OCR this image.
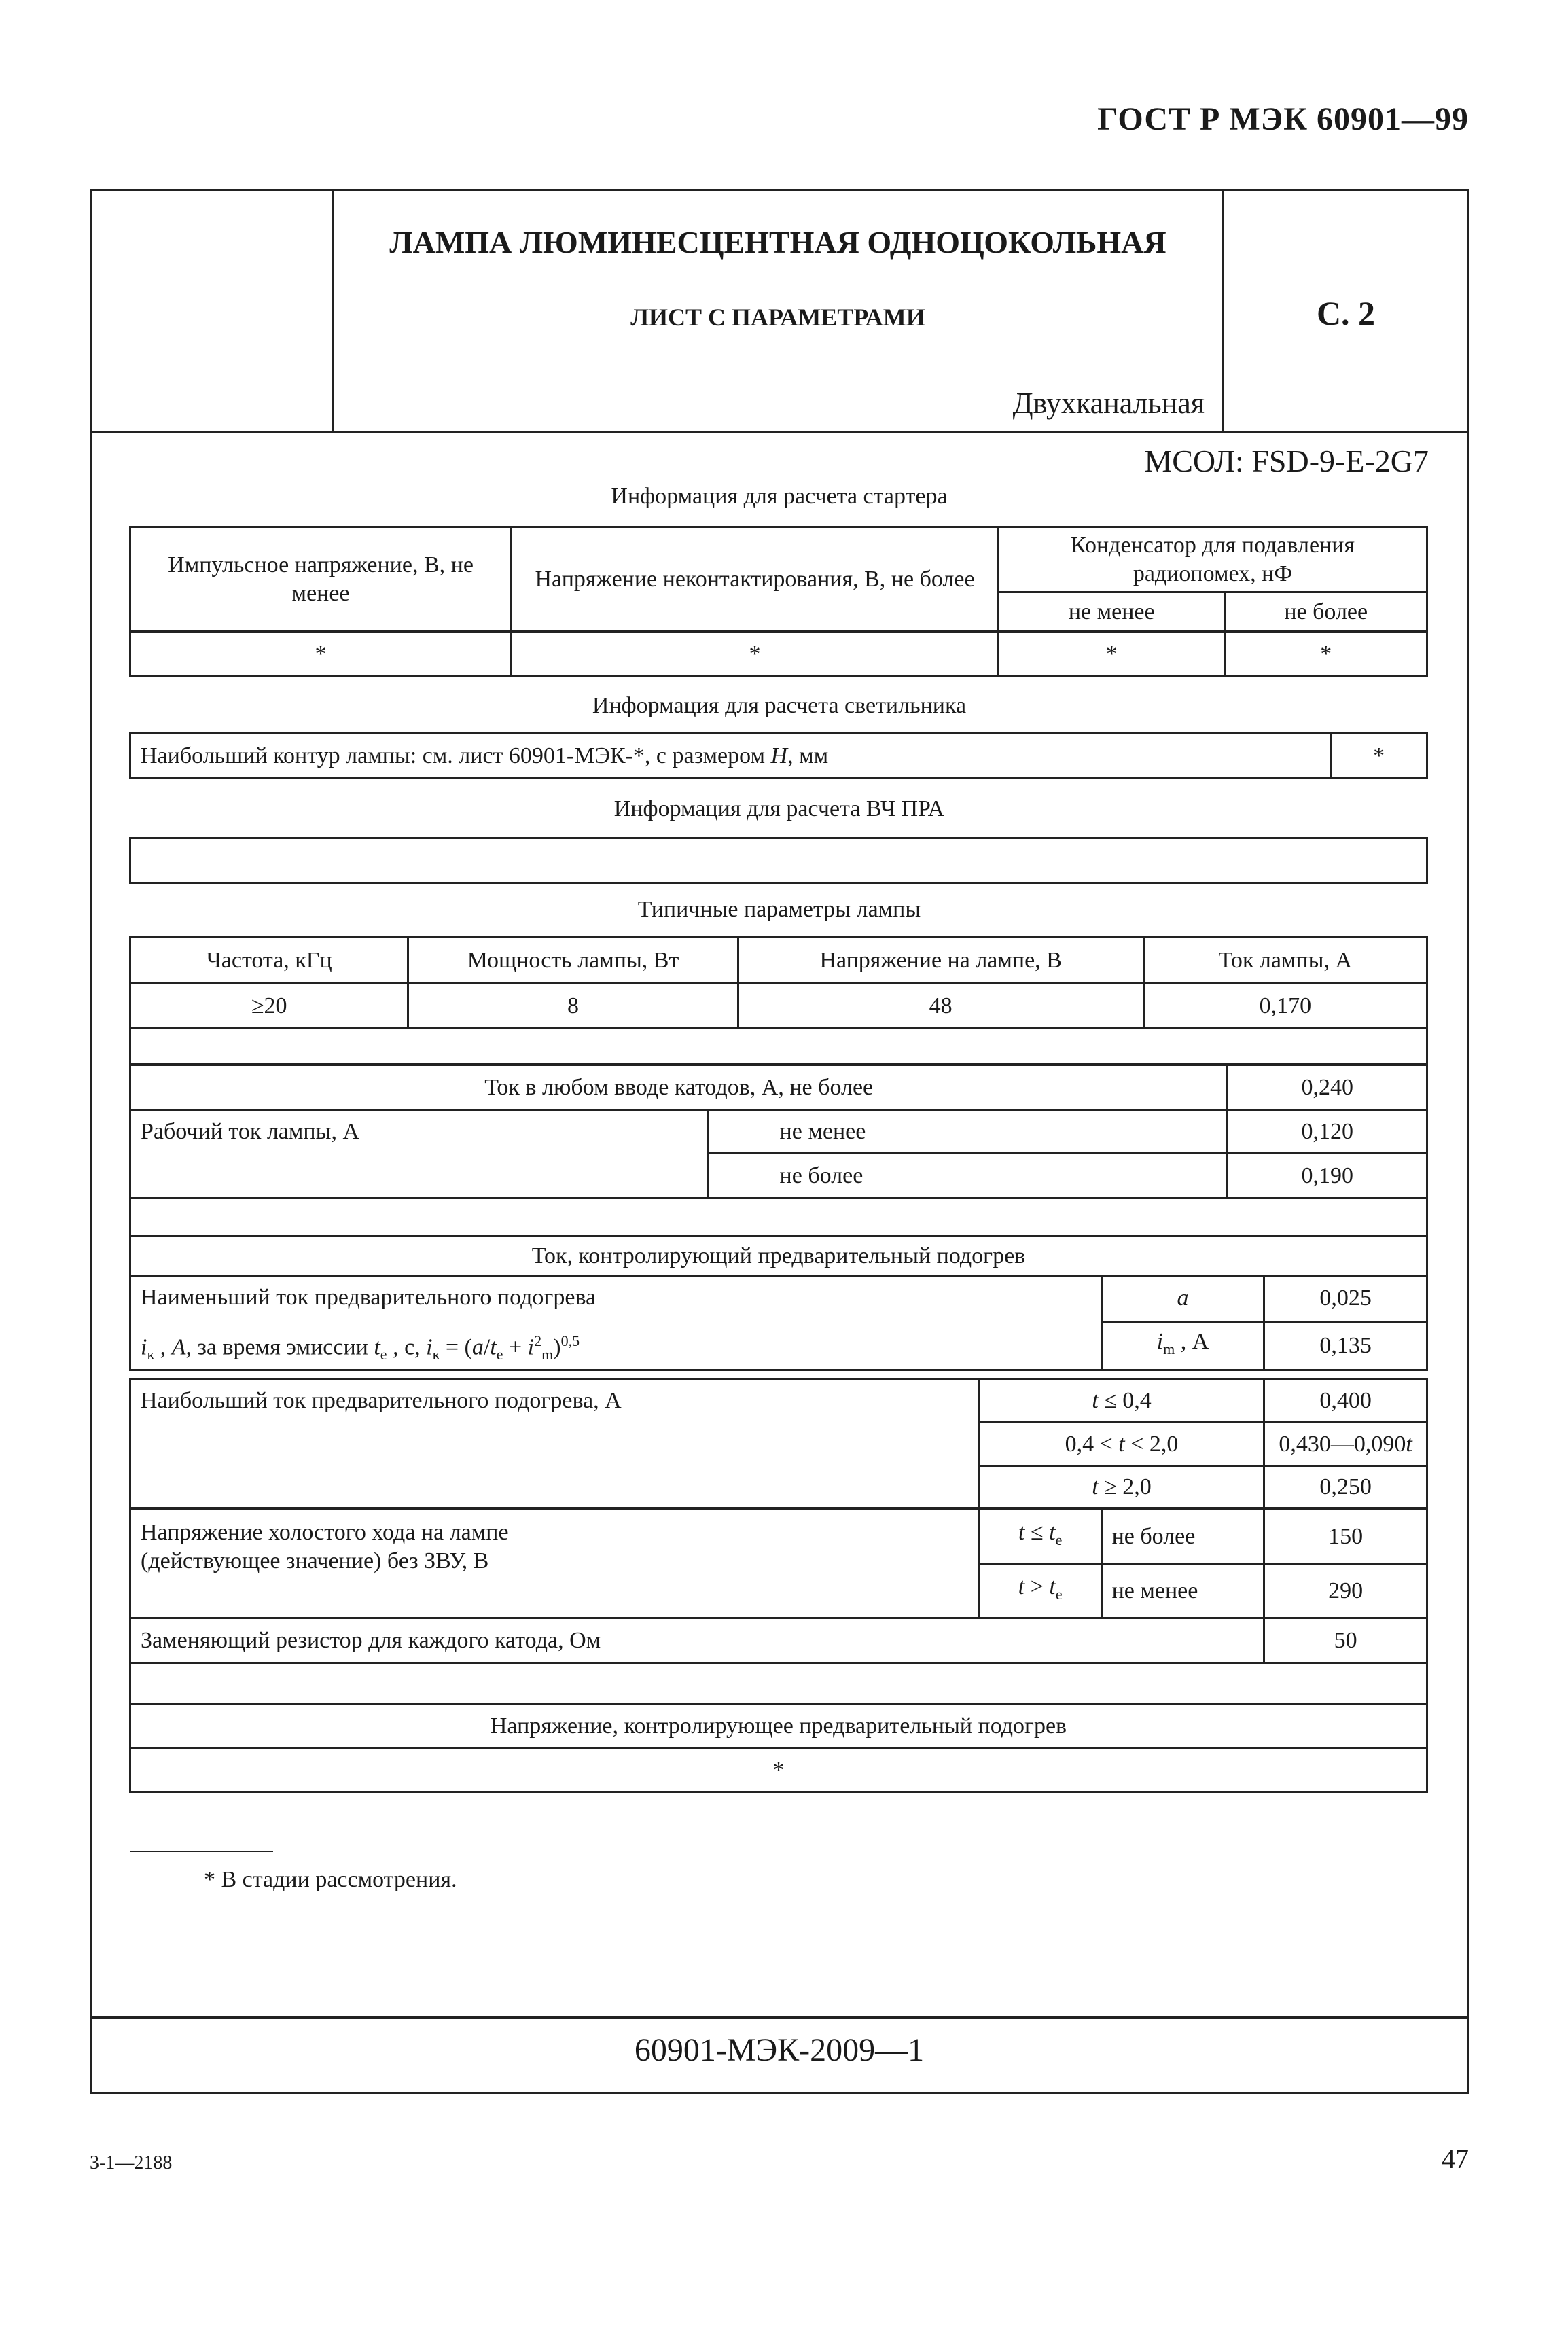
ГОСТ Р МЭК 60901—99
ЛАМПА ЛЮМИНЕСЦЕНТНАЯ ОДНОЦОКОЛЬНАЯ
ЛИСТ С ПАРАМЕТРАМИ
Двухканальная
С. 2
МСОЛ: FSD-9-E-2G7
Информация для расчета стартера
Импульсное напряжение, В, не менее	Напряжение неконтактирования, В, не более	Конденсатор для подавления радиопомех, нФ	
		не менее	не более
*	*	*	*
Информация для расчета светильника
Наибольший контур лампы: см. лист 60901-МЭК-*, с размером H, мм	*
Информация для расчета ВЧ ПРА
Типичные параметры лампы
Частота, кГц	Мощность лампы, Вт	Напряжение на лампе, В	Ток лампы, А
≥20	8	48	0,170

Ток в любом вводе катодов, А, не более		0,240
Рабочий ток лампы, А	не менее	0,120
	не более	0,190

Ток, контролирующий предварительный подогрев		

Наименьший ток предварительного подогрева
$i_к$ , A, за время эмиссии $t_e$ , с, $i_к = (a/t_e + i^2_m)^{0,5}$	a	0,025
	$i_m$ , А	0,135
Наибольший ток предварительного подогрева, А	t ≤ 0,4	0,400
	0,4 < t < 2,0	0,430—0,090t
	t ≥ 2,0	0,250
Напряжение холостого хода на лампе
(действующее значение) без ЗВУ, В	$t \le t_e$	не более	150
	$t > t_e$	не менее	290
Заменяющий резистор для каждого катода, Ом	50

Напряжение, контролирующее предварительный подогрев
*
* В стадии рассмотрения.
60901-МЭК-2009—1
3-1—2188	47
